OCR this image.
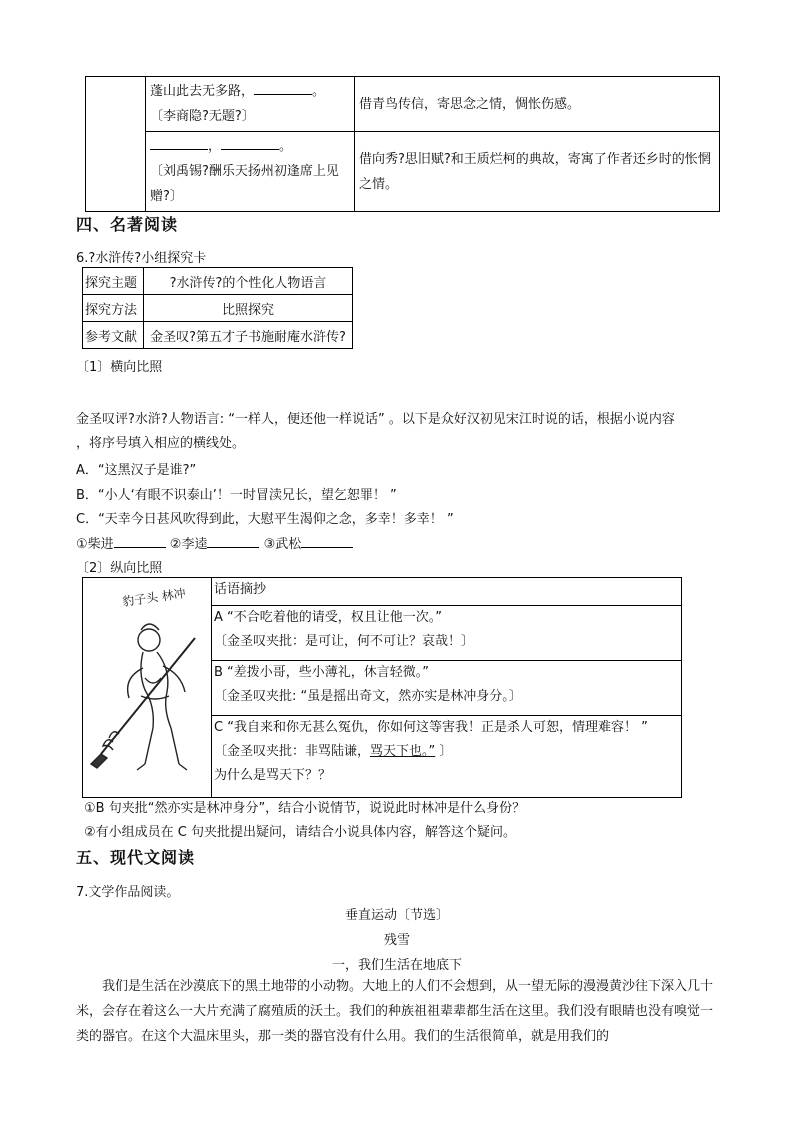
	蓬山此去无多路， 。
〔李商隐?无题?〕	借青鸟传信，寄思念之情，惆怅伤感。
	， 。
〔刘禹锡?酬乐天扬州初逢席上见赠?〕	借向秀?思旧赋?和王质烂柯的典故，寄寓了作者还乡时的怅惘之情。
四、名著阅读
6.?水浒传?小组探究卡
探究主题	?水浒传?的个性化人物语言
探究方法	比照探究
参考文献	金圣叹?第五才子书施耐庵水浒传?
〔1〕横向比照
金圣叹评?水浒?人物语言: “一样人，便还他一样说话” 。以下是众好汉初见宋江时说的话，根据小说内容
，将序号填入相应的横线处。
A．“这黑汉子是谁?”
B．“小人‘有眼不识泰山’！一时冒渎兄长，望乞恕罪！ ”
C．“天幸今日甚风吹得到此，大慰平生渴仰之念，多幸！多幸！ ”
①柴进	②李逵	③武松
〔2〕纵向比照
豹子头 林冲	话语摘抄

A “不合吃着他的请受，权且让他一次。”
〔金圣叹夹批：是可让，何不可让？哀哉！〕

B “差拨小哥，些小薄礼，休言轻微。”
〔金圣叹夹批: “虽是摇出奇文，然亦实是林冲身分。〕

C “我自来和你无甚么冤仇，你如何这等害我！正是杀人可恕，情理难容！ ”
〔金圣叹夹批：非骂陆谦，骂天下也。” 〕
为什么是骂天下？？
①B 句夹批“然亦实是林冲身分”，结合小说情节，说说此时林冲是什么身份？
②有小组成员在 C 句夹批提出疑问，请结合小说具体内容，解答这个疑问。
五、现代文阅读
7.文学作品阅读。
垂直运动〔节选〕
残雪
一，我们生活在地底下
我们是生活在沙漠底下的黑土地带的小动物。大地上的人们不会想到，从一望无际的漫漫黄沙往下深入几十米，会存在着这么一大片充满了腐殖质的沃土。我们的种族祖祖辈辈都生活在这里。我们没有眼睛也没有嗅觉一类的器官。在这个大温床里头，那一类的器官没有什么用。我们的生活很简单，就是用我们的
